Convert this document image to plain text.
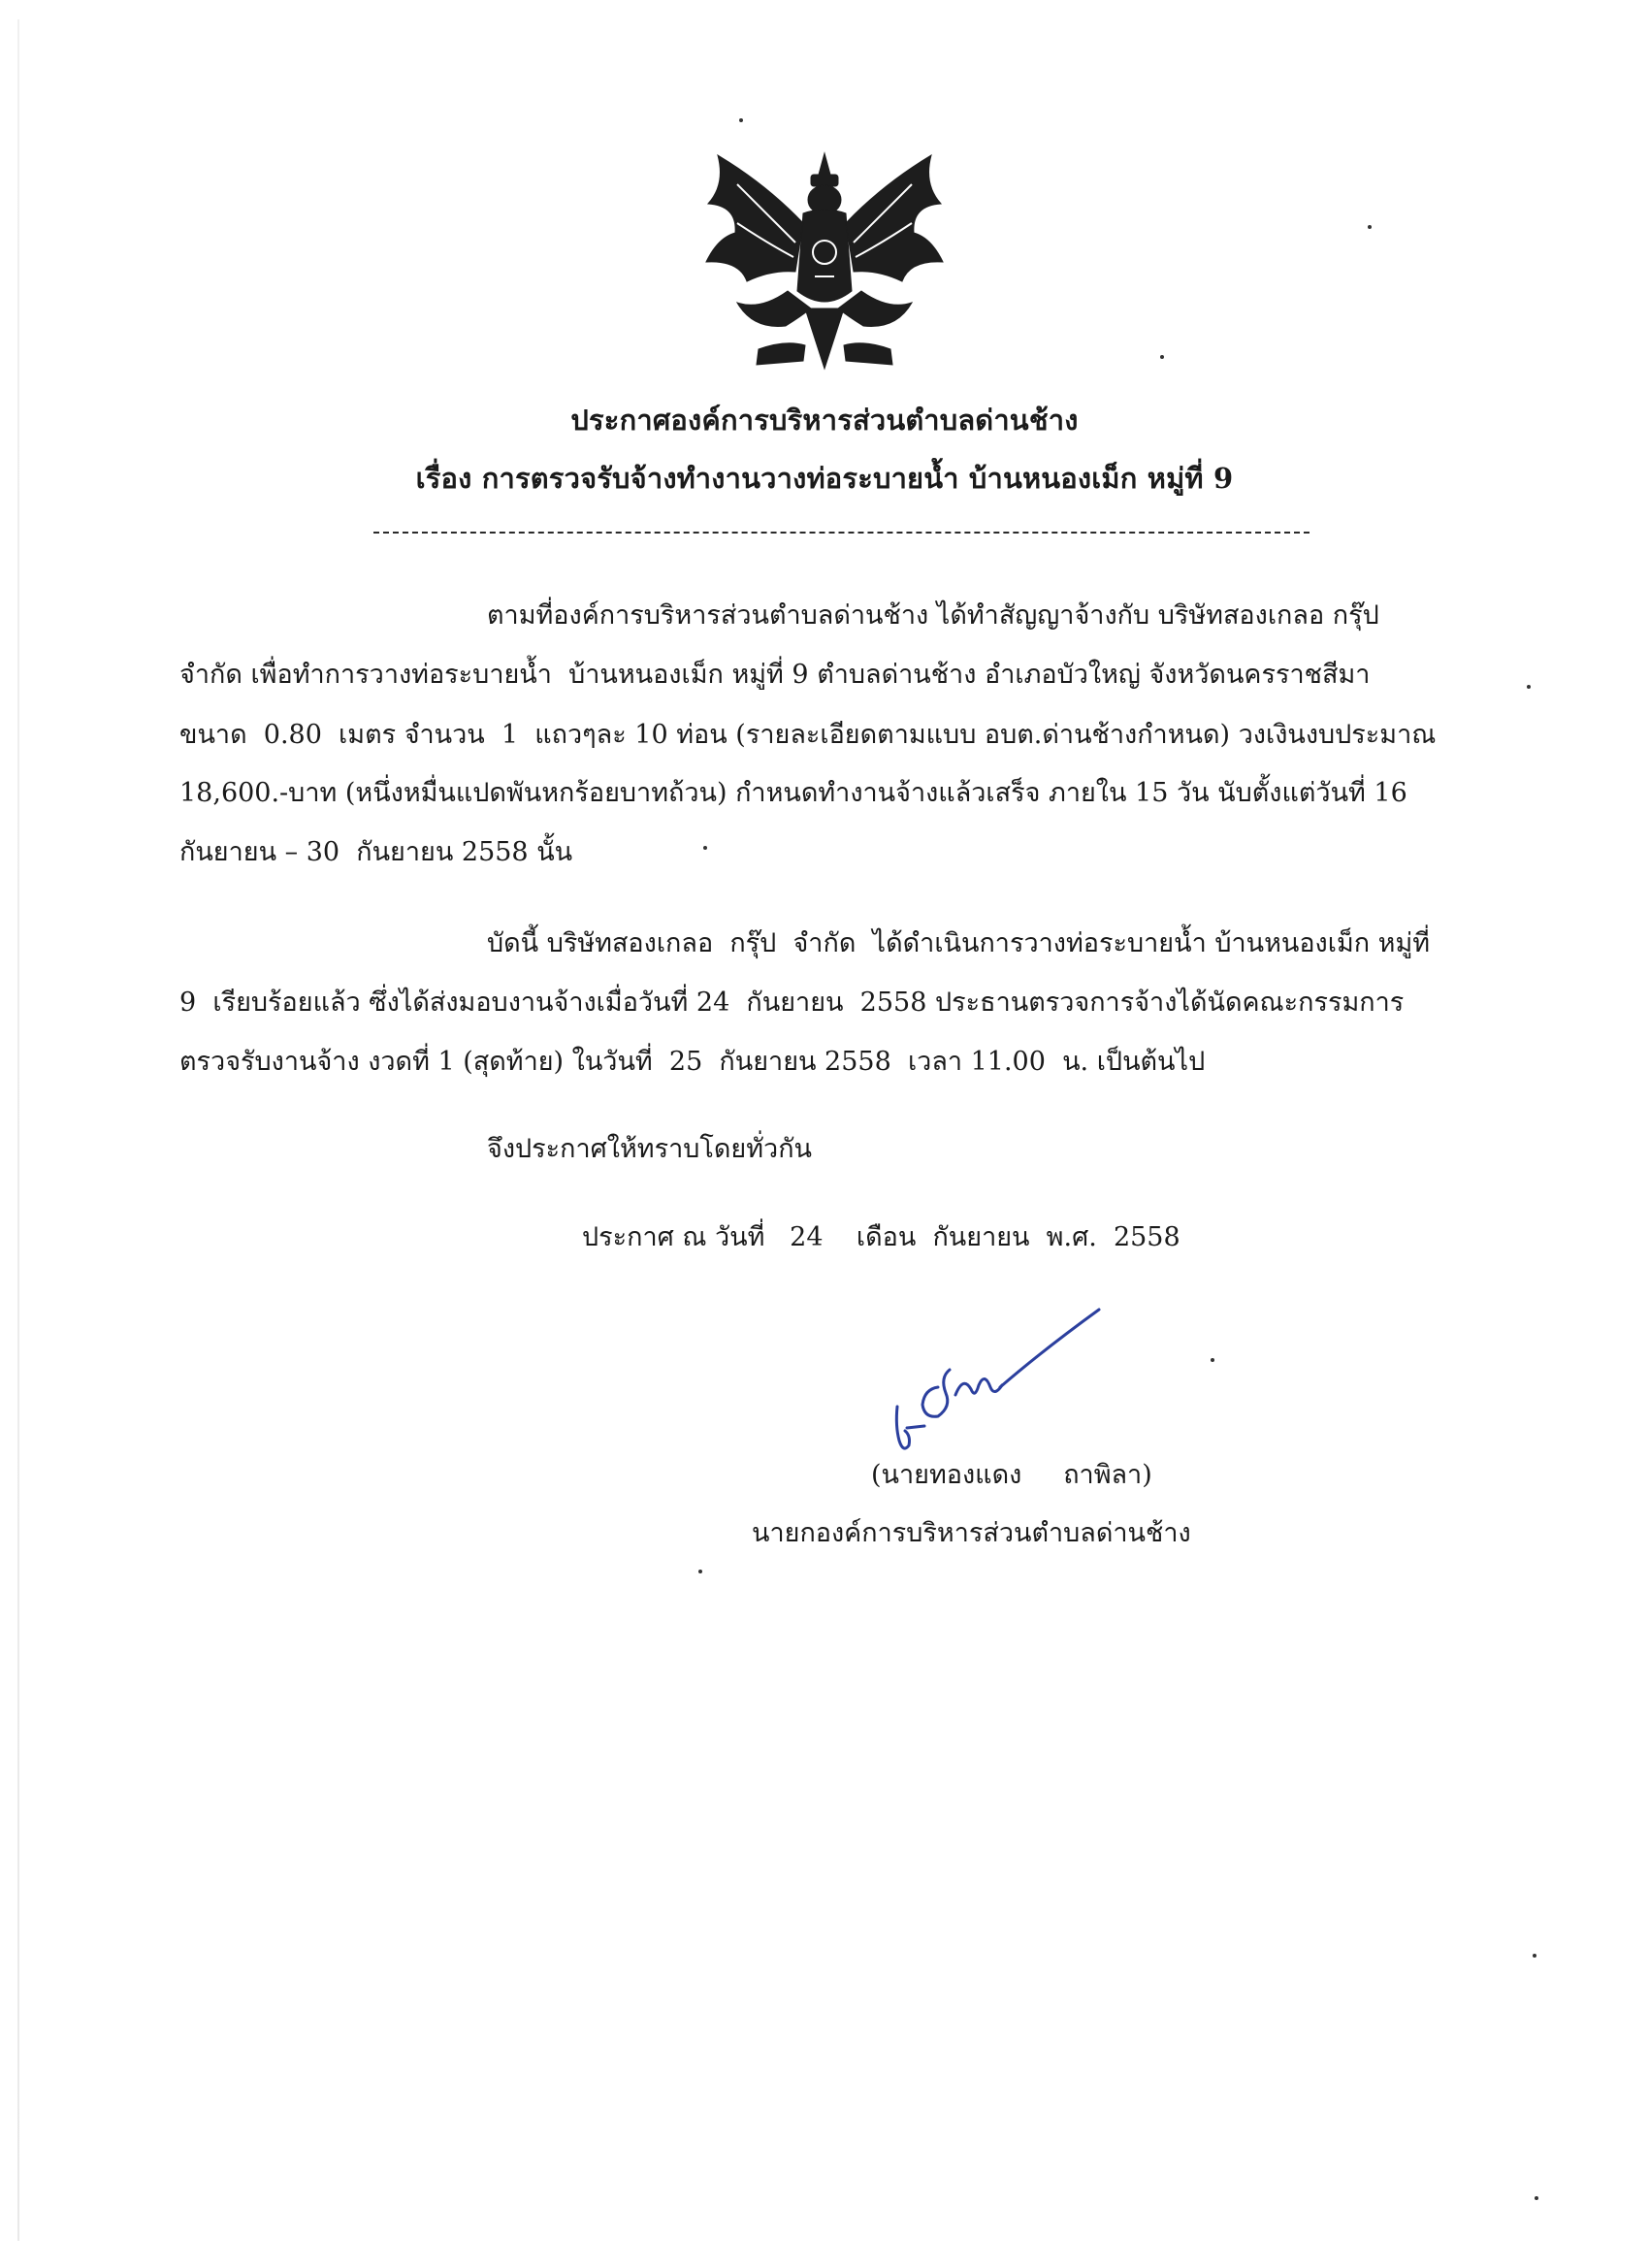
ประกาศองค์การบริหารส่วนตำบลด่านช้าง
เรื่อง การตรวจรับจ้างทำงานวางท่อระบายน้ำ บ้านหนองเม็ก หมู่ที่ 9
ตามที่องค์การบริหารส่วนตำบลด่านช้าง ได้ทำสัญญาจ้างกับ บริษัทสองเกลอ กรุ๊ป
จำกัด เพื่อทำการวางท่อระบายน้ำ  บ้านหนองเม็ก หมู่ที่ 9 ตำบลด่านช้าง อำเภอบัวใหญ่ จังหวัดนครราชสีมา
ขนาด  0.80  เมตร จำนวน  1  แถวๆละ 10 ท่อน (รายละเอียดตามแบบ อบต.ด่านช้างกำหนด) วงเงินงบประมาณ
18,600.-บาท (หนึ่งหมื่นแปดพันหกร้อยบาทถ้วน) กำหนดทำงานจ้างแล้วเสร็จ ภายใน 15 วัน นับตั้งแต่วันที่ 16
กันยายน – 30  กันยายน 2558 นั้น
บัดนี้ บริษัทสองเกลอ  กรุ๊ป  จำกัด  ได้ดำเนินการวางท่อระบายน้ำ บ้านหนองเม็ก หมู่ที่
9  เรียบร้อยแล้ว ซึ่งได้ส่งมอบงานจ้างเมื่อวันที่ 24  กันยายน  2558 ประธานตรวจการจ้างได้นัดคณะกรรมการ
ตรวจรับงานจ้าง งวดที่ 1 (สุดท้าย) ในวันที่  25  กันยายน 2558  เวลา 11.00  น. เป็นต้นไป
จึงประกาศให้ทราบโดยทั่วกัน
ประกาศ ณ วันที่   24    เดือน  กันยายน  พ.ศ.  2558
(นายทองแดง     ถาพิลา)
นายกองค์การบริหารส่วนตำบลด่านช้าง
